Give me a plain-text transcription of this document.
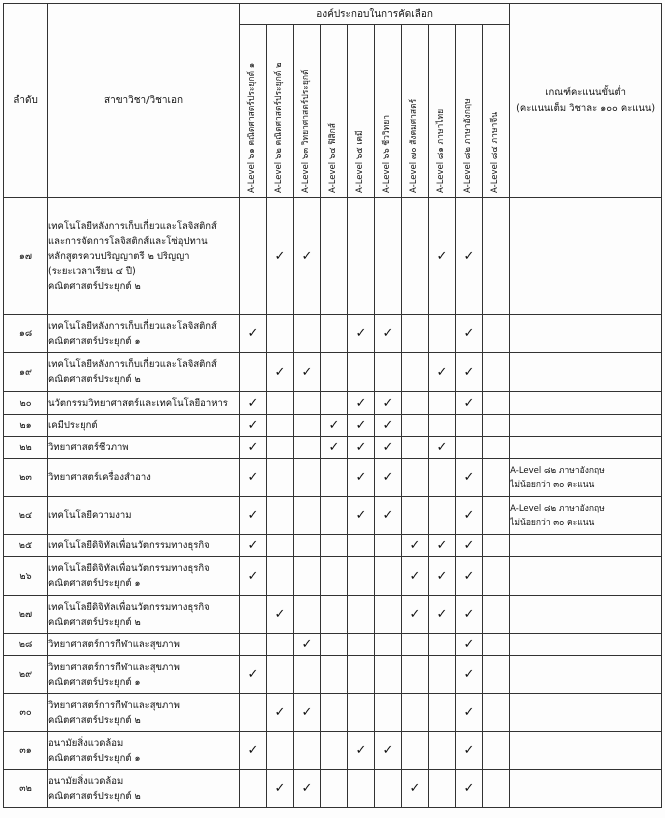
ลำดับ	สาขาวิชา/วิชาเอก	องค์ประกอบในการคัดเลือก										เกณฑ์คะแนนขั้นต่ำ
(คะแนนเต็ม วิชาละ ๑๐๐ คะแนน)

		A-Level ๖๑ คณิตศาสตร์ประยุกต์ ๑	A-Level ๖๒ คณิตศาสตร์ประยุกต์ ๒	A-Level ๖๓ วิทยาศาสตร์ประยุกต์	A-Level ๖๔ ฟิสิกส์	A-Level ๖๕ เคมี	A-Level ๖๖ ชีววิทยา	A-Level ๗๐ สังคมศาสตร์	A-Level ๘๑ ภาษาไทย	A-Level ๘๒ ภาษาอังกฤษ	A-Level ๘๔ ภาษาจีน	

๑๗	เทคโนโลยีหลังการเก็บเกี่ยวและโลจิสติกส์
และการจัดการโลจิสติกส์และโซ่อุปทาน
หลักสูตรควบปริญญาตรี ๒ ปริญญา
(ระยะเวลาเรียน ๔ ปี)
คณิตศาสตร์ประยุกต์ ๒		✓	✓					✓	✓		
๑๘	เทคโนโลยีหลังการเก็บเกี่ยวและโลจิสติกส์
คณิตศาสตร์ประยุกต์ ๑	✓				✓	✓			✓		
๑๙	เทคโนโลยีหลังการเก็บเกี่ยวและโลจิสติกส์
คณิตศาสตร์ประยุกต์ ๒		✓	✓					✓	✓		
๒๐	นวัตกรรมวิทยาศาสตร์และเทคโนโลยีอาหาร	✓				✓	✓			✓		
๒๑	เคมีประยุกต์	✓			✓	✓	✓					
๒๒	วิทยาศาสตร์ชีวภาพ	✓			✓	✓	✓		✓			
๒๓	วิทยาศาสตร์เครื่องสำอาง	✓				✓	✓			✓		A-Level ๘๒ ภาษาอังกฤษ
ไม่น้อยกว่า ๓๐ คะแนน

๒๔	เทคโนโลยีความงาม	✓				✓	✓			✓		A-Level ๘๒ ภาษาอังกฤษ
ไม่น้อยกว่า ๓๐ คะแนน

๒๕	เทคโนโลยีดิจิทัลเพื่อนวัตกรรมทางธุรกิจ	✓						✓	✓	✓		
๒๖	เทคโนโลยีดิจิทัลเพื่อนวัตกรรมทางธุรกิจ
คณิตศาสตร์ประยุกต์ ๑	✓						✓	✓	✓		
๒๗	เทคโนโลยีดิจิทัลเพื่อนวัตกรรมทางธุรกิจ
คณิตศาสตร์ประยุกต์ ๒		✓					✓	✓	✓		
๒๘	วิทยาศาสตร์การกีฬาและสุขภาพ			✓						✓		
๒๙	วิทยาศาสตร์การกีฬาและสุขภาพ
คณิตศาสตร์ประยุกต์ ๑	✓								✓		
๓๐	วิทยาศาสตร์การกีฬาและสุขภาพ
คณิตศาสตร์ประยุกต์ ๒		✓	✓						✓		
๓๑	อนามัยสิ่งแวดล้อม
คณิตศาสตร์ประยุกต์ ๑	✓				✓	✓			✓		
๓๒	อนามัยสิ่งแวดล้อม
คณิตศาสตร์ประยุกต์ ๒		✓	✓				✓		✓		
